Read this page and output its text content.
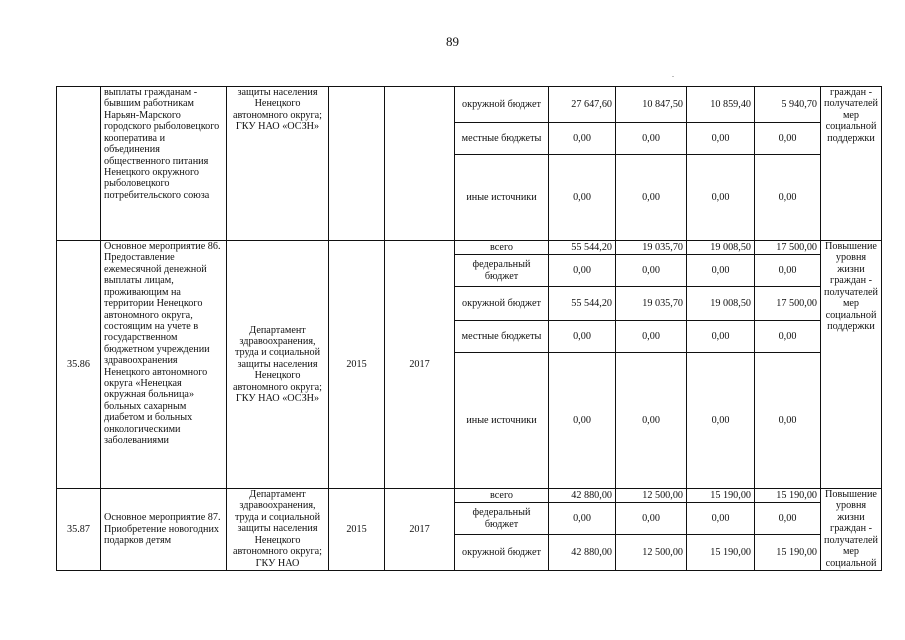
89
.
	выплаты гражданам - бывшим работникам Нарьян-Марского городского рыболовецкого кооператива и объединения общественного питания Ненецкого окружного рыболовецкого потребительского союза	защиты населения Ненецкого автономного округа; ГКУ НАО «ОСЗН»			окружной бюджет	27 647,60	10 847,50	10 859,40	5 940,70	граждан - получателей мер социальной поддержки
					местные бюджеты	0,00	0,00	0,00	0,00	
					иные источники	0,00	0,00	0,00	0,00	
35.86	Основное мероприятие 86. Предоставление ежемесячной денежной выплаты лицам, проживающим на территории Ненецкого автономного округа, состоящим на учете в государственном бюджетном учреждении здравоохранения Ненецкого автономного округа «Ненецкая окружная больница» больных сахарным диабетом и больных онкологическими заболеваниями	Департамент здравоохранения, труда и социальной защиты населения Ненецкого автономного округа; ГКУ НАО «ОСЗН»	2015	2017	всего	55 544,20	19 035,70	19 008,50	17 500,00	Повышение уровня жизни граждан - получателей мер социальной поддержки
					федеральный бюджет	0,00	0,00	0,00	0,00	
					окружной бюджет	55 544,20	19 035,70	19 008,50	17 500,00	
					местные бюджеты	0,00	0,00	0,00	0,00	
					иные источники	0,00	0,00	0,00	0,00	
35.87	Основное мероприятие 87. Приобретение новогодних подарков детям	Департамент здравоохранения, труда и социальной защиты населения Ненецкого автономного округа; ГКУ НАО	2015	2017	всего	42 880,00	12 500,00	15 190,00	15 190,00	Повышение уровня жизни граждан - получателей мер социальной
					федеральный бюджет	0,00	0,00	0,00	0,00	
					окружной бюджет	42 880,00	12 500,00	15 190,00	15 190,00	
